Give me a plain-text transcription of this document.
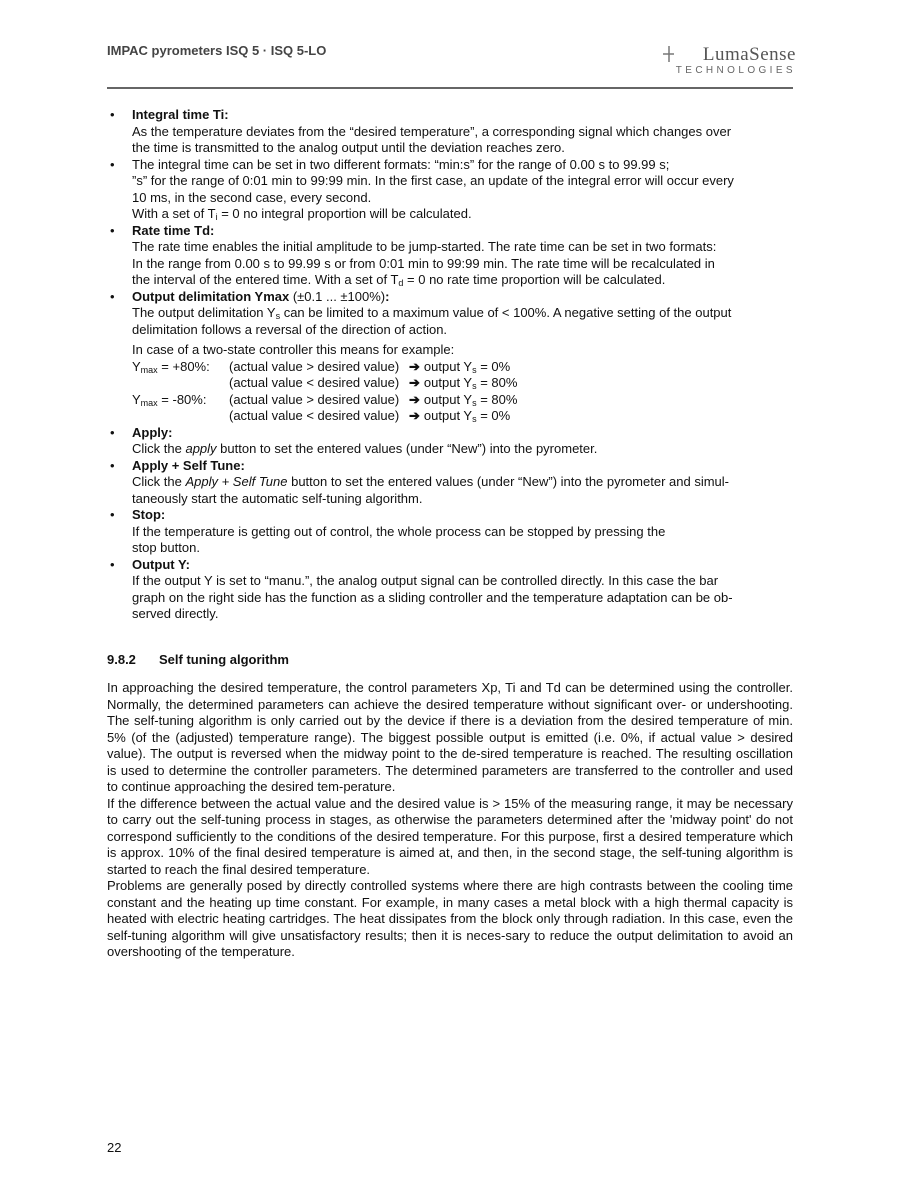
IMPAC pyrometers ISQ 5 · ISQ 5-LO	LumaSense
TECHNOLOGIES
• Integral time Ti:
As the temperature deviates from the “desired temperature”, a corresponding signal which changes over
the time is transmitted to the analog output until the deviation reaches zero.
• The integral time can be set in two different formats: “min:s” for the range of 0.00 s to 99.99 s;
”s” for the range of 0:01 min to 99:99 min. In the first case, an update of the integral error will occur every
10 ms, in the second case, every second.
With a set of $T_i = 0$ no integral proportion will be calculated.
• Rate time Td:
The rate time enables the initial amplitude to be jump-started. The rate time can be set in two formats:
In the range from 0.00 s to 99.99 s or from 0:01 min to 99:99 min. The rate time will be recalculated in
the interval of the entered time. With a set of $T_d = 0$ no rate time proportion will be calculated.
• Output delimitation Ymax (±0.1 ... ±100%):
The output delimitation $Y_s$ can be limited to a maximum value of < 100%. A negative setting of the output
delimitation follows a reversal of the direction of action.
In case of a two-state controller this means for example:
$Y_{max} = +80\%$:	(actual value > desired value) ➔ output $Y_s = 0\%$
(actual value < desired value) ➔ output $Y_s = 80\%$
$Y_{max} = -80\%$:	(actual value > desired value) ➔ output $Y_s = 80\%$
(actual value < desired value) ➔ output $Y_s = 0\%$
• Apply:
Click the apply button to set the entered values (under “New”) into the pyrometer.
• Apply + Self Tune:
Click the Apply + Self Tune button to set the entered values (under “New”) into the pyrometer and simul-
taneously start the automatic self-tuning algorithm.
• Stop:
If the temperature is getting out of control, the whole process can be stopped by pressing the
stop button.
• Output Y:
If the output Y is set to “manu.”, the analog output signal can be controlled directly. In this case the bar
graph on the right side has the function as a sliding controller and the temperature adaptation can be ob-
served directly.
9.8.2	Self tuning algorithm

In approaching the desired temperature, the control parameters Xp, Ti and Td can be determined using the controller. Normally, the determined parameters can achieve the desired temperature without significant over- or undershooting. The self-tuning algorithm is only carried out by the device if there is a deviation from the desired temperature of min. 5% (of the (adjusted) temperature range). The biggest possible output is emitted (i.e. 0%, if actual value > desired value). The output is reversed when the midway point to the de-sired temperature is reached. The resulting oscillation is used to determine the controller parameters. The determined parameters are transferred to the controller and used to continue approaching the desired tem-perature.

If the difference between the actual value and the desired value is > 15% of the measuring range, it may be necessary to carry out the self-tuning process in stages, as otherwise the parameters determined after the 'midway point' do not correspond sufficiently to the conditions of the desired temperature. For this purpose, first a desired temperature which is approx. 10% of the final desired temperature is aimed at, and then, in the second stage, the self-tuning algorithm is started to reach the final desired temperature.

Problems are generally posed by directly controlled systems where there are high contrasts between the cooling time constant and the heating up time constant. For example, in many cases a metal block with a high thermal capacity is heated with electric heating cartridges. The heat dissipates from the block only through radiation. In this case, even the self-tuning algorithm will give unsatisfactory results; then it is neces-sary to reduce the output delimitation to avoid an overshooting of the temperature.

22
